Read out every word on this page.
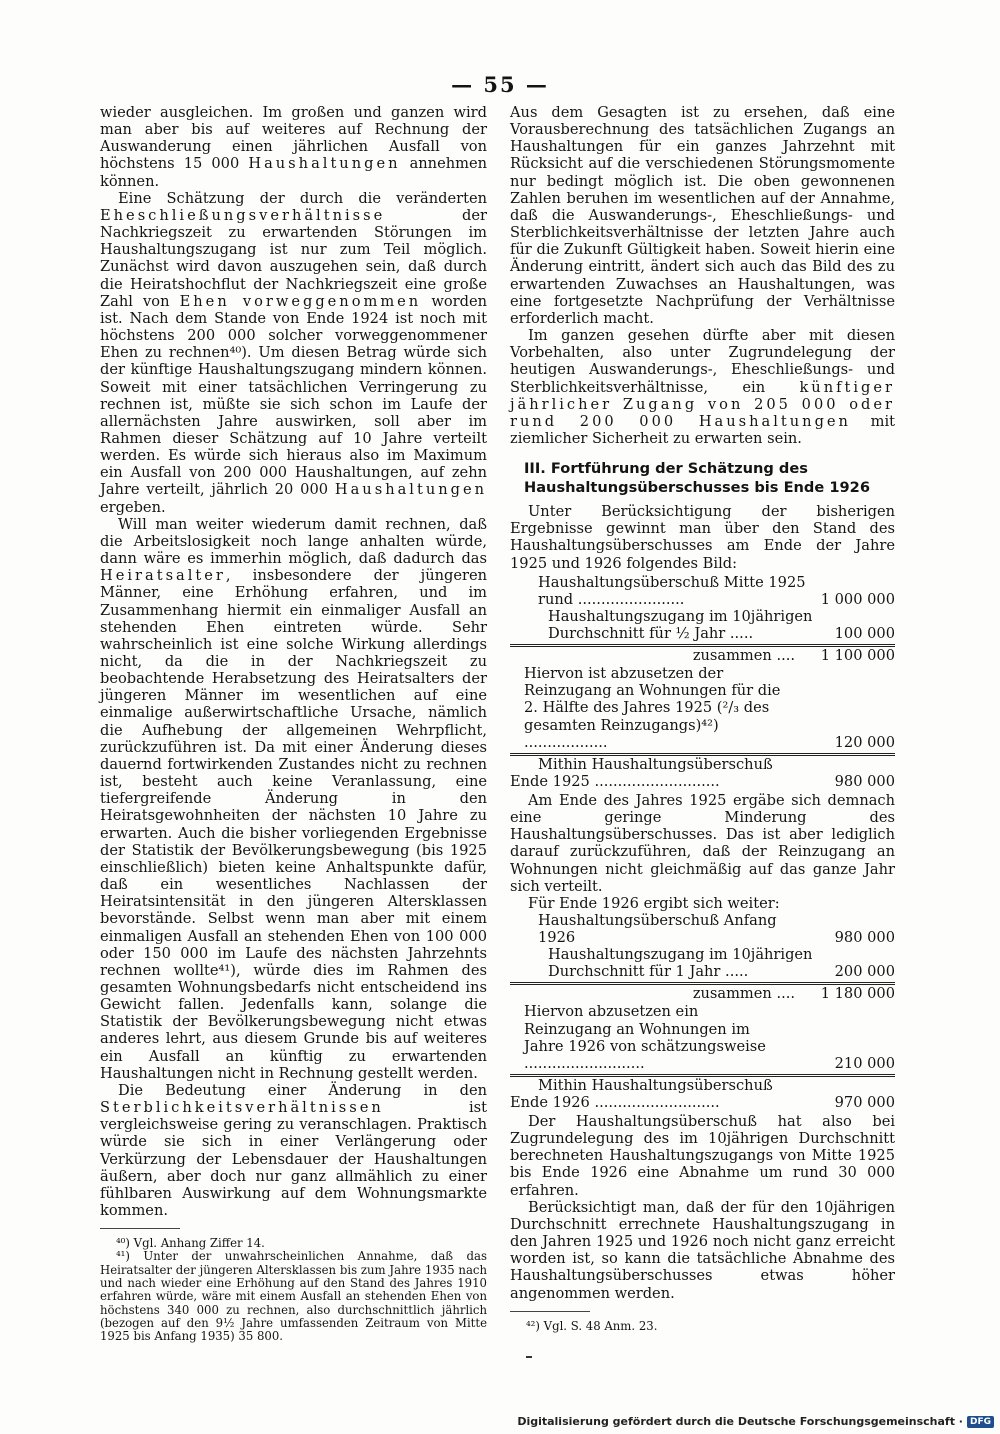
— 55 —

wieder ausgleichen. Im großen und ganzen wird man aber bis auf weiteres auf Rechnung der Auswanderung einen jährlichen Ausfall von höchstens 15 000 Haushaltungen annehmen können.

Eine Schätzung der durch die veränderten Eheschließungsverhältnisse der Nachkriegszeit zu erwartenden Störungen im Haushaltungszugang ist nur zum Teil möglich. Zunächst wird davon auszugehen sein, daß durch die Heiratshochflut der Nachkriegszeit eine große Zahl von Ehen vorweggenommen worden ist. Nach dem Stande von Ende 1924 ist noch mit höchstens 200 000 solcher vorweggenommener Ehen zu rechnen⁴⁰). Um diesen Betrag würde sich der künftige Haushaltungszugang mindern können. Soweit mit einer tatsächlichen Verringerung zu rechnen ist, müßte sie sich schon im Laufe der allernächsten Jahre auswirken, soll aber im Rahmen dieser Schätzung auf 10 Jahre verteilt werden. Es würde sich hieraus also im Maximum ein Ausfall von 200 000 Haushaltungen, auf zehn Jahre verteilt, jährlich 20 000 Haushaltungen ergeben.

Will man weiter wiederum damit rechnen, daß die Arbeitslosigkeit noch lange anhalten würde, dann wäre es immerhin möglich, daß dadurch das Heiratsalter, insbesondere der jüngeren Männer, eine Erhöhung erfahren, und im Zusammenhang hiermit ein einmaliger Ausfall an stehenden Ehen eintreten würde. Sehr wahrscheinlich ist eine solche Wirkung allerdings nicht, da die in der Nachkriegszeit zu beobachtende Herabsetzung des Heiratsalters der jüngeren Männer im wesentlichen auf eine einmalige außerwirtschaftliche Ursache, nämlich die Aufhebung der allgemeinen Wehrpflicht, zurückzuführen ist. Da mit einer Änderung dieses dauernd fortwirkenden Zustandes nicht zu rechnen ist, besteht auch keine Veranlassung, eine tiefergreifende Änderung in den Heiratsgewohnheiten der nächsten 10 Jahre zu erwarten. Auch die bisher vorliegenden Ergebnisse der Statistik der Bevölkerungsbewegung (bis 1925 einschließlich) bieten keine Anhaltspunkte dafür, daß ein wesentliches Nachlassen der Heiratsintensität in den jüngeren Altersklassen bevorstände. Selbst wenn man aber mit einem einmaligen Ausfall an stehenden Ehen von 100 000 oder 150 000 im Laufe des nächsten Jahrzehnts rechnen wollte⁴¹), würde dies im Rahmen des gesamten Wohnungsbedarfs nicht entscheidend ins Gewicht fallen. Jedenfalls kann, solange die Statistik der Bevölkerungsbewegung nicht etwas anderes lehrt, aus diesem Grunde bis auf weiteres ein Ausfall an künftig zu erwartenden Haushaltungen nicht in Rechnung gestellt werden.

Die Bedeutung einer Änderung in den Sterblichkeitsverhältnissen ist vergleichsweise gering zu veranschlagen. Praktisch würde sie sich in einer Verlängerung oder Verkürzung der Lebensdauer der Haushaltungen äußern, aber doch nur ganz allmählich zu einer fühlbaren Auswirkung auf dem Wohnungsmarkte kommen.

⁴⁰) Vgl. Anhang Ziffer 14.

⁴¹) Unter der unwahrscheinlichen Annahme, daß das Heiratsalter der jüngeren Altersklassen bis zum Jahre 1935 nach und nach wieder eine Erhöhung auf den Stand des Jahres 1910 erfahren würde, wäre mit einem Ausfall an stehenden Ehen von höchstens 340 000 zu rechnen, also durchschnittlich jährlich (bezogen auf den 9½ Jahre umfassenden Zeitraum von Mitte 1925 bis Anfang 1935) 35 800.

Aus dem Gesagten ist zu ersehen, daß eine Vorausberechnung des tatsächlichen Zugangs an Haushaltungen für ein ganzes Jahrzehnt mit Rücksicht auf die verschiedenen Störungsmomente nur bedingt möglich ist. Die oben gewonnenen Zahlen beruhen im wesentlichen auf der Annahme, daß die Auswanderungs-, Eheschließungs- und Sterblichkeitsverhältnisse der letzten Jahre auch für die Zukunft Gültigkeit haben. Soweit hierin eine Änderung eintritt, ändert sich auch das Bild des zu erwartenden Zuwachses an Haushaltungen, was eine fortgesetzte Nachprüfung der Verhältnisse erforderlich macht.

Im ganzen gesehen dürfte aber mit diesen Vorbehalten, also unter Zugrundelegung der heutigen Auswanderungs-, Eheschließungs- und Sterblichkeitsverhältnisse, ein künftiger jährlicher Zugang von 205 000 oder rund 200 000 Haushaltungen mit ziemlicher Sicherheit zu erwarten sein.

III. Fortführung der Schätzung des Haushaltungsüberschusses bis Ende 1926

Unter Berücksichtigung der bisherigen Ergebnisse gewinnt man über den Stand des Haushaltungsüberschusses am Ende der Jahre 1925 und 1926 folgendes Bild:

Haushaltungsüberschuß Mitte 1925
rund .......................	1 000 000
Haushaltungszugang im 10jährigen
Durchschnitt für ½ Jahr .....	100 000
zusammen ....	1 100 000
Hiervon ist abzusetzen der Reinzugang an Wohnungen für die 2. Hälfte des Jahres 1925 (²/₃ des gesamten Reinzugangs)⁴²) ..................	120 000
Mithin Haushaltungsüberschuß
Ende 1925 ...........................	980 000

Am Ende des Jahres 1925 ergäbe sich demnach eine geringe Minderung des Haushaltungsüberschusses. Das ist aber lediglich darauf zurückzuführen, daß der Reinzugang an Wohnungen nicht gleichmäßig auf das ganze Jahr sich verteilt.

Für Ende 1926 ergibt sich weiter:

Haushaltungsüberschuß Anfang 1926	980 000
Haushaltungszugang im 10jährigen
Durchschnitt für 1 Jahr .....	200 000
zusammen ....	1 180 000
Hiervon abzusetzen ein Reinzugang an Wohnungen im Jahre 1926 von schätzungsweise ..........................	210 000
Mithin Haushaltungsüberschuß
Ende 1926 ...........................	970 000

Der Haushaltungsüberschuß hat also bei Zugrundelegung des im 10jährigen Durchschnitt berechneten Haushaltungszugangs von Mitte 1925 bis Ende 1926 eine Abnahme um rund 30 000 erfahren.

Berücksichtigt man, daß der für den 10jährigen Durchschnitt errechnete Haushaltungszugang in den Jahren 1925 und 1926 noch nicht ganz erreicht worden ist, so kann die tatsächliche Abnahme des Haushaltungsüberschusses etwas höher angenommen werden.

⁴²) Vgl. S. 48 Anm. 23.

Digitalisierung gefördert durch die Deutsche Forschungsgemeinschaft · DFG
